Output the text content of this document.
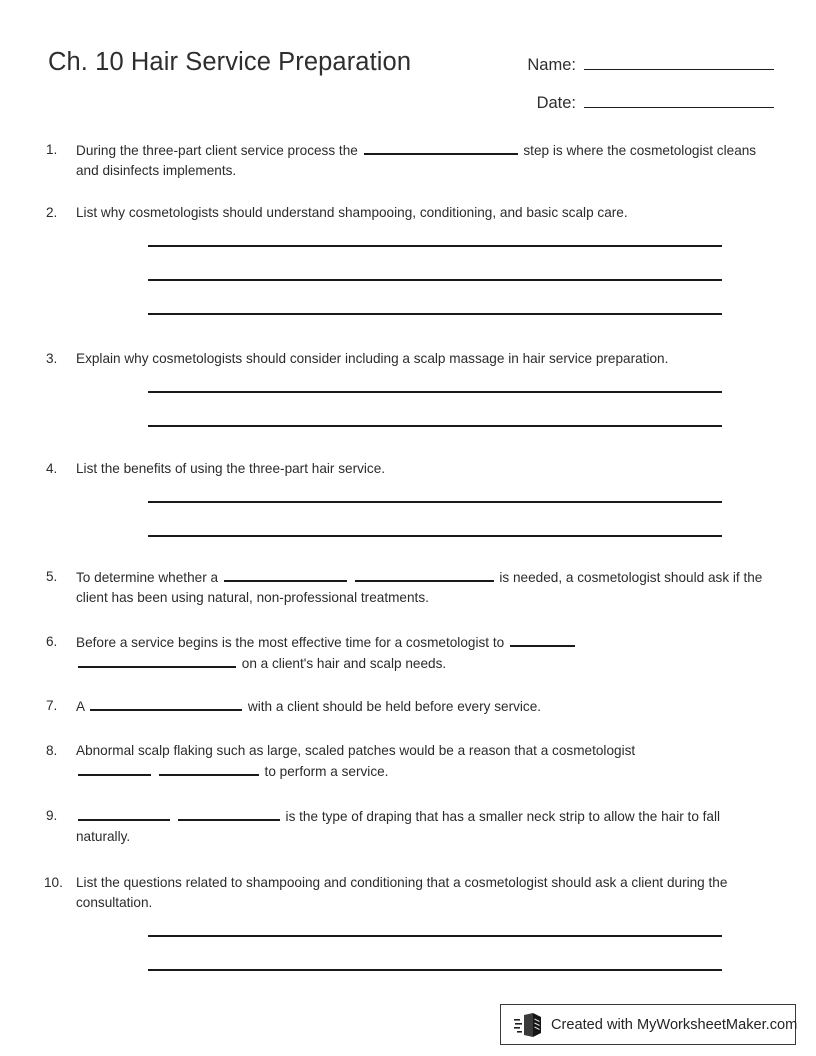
Ch. 10 Hair Service Preparation	Name:
Date:
1.	During the three-part client service process the	step is where the cosmetologist cleans and disinfects implements.
2.	List why cosmetologists should understand shampooing, conditioning, and basic scalp care.
3.	Explain why cosmetologists should consider including a scalp massage in hair service preparation.
4.	List the benefits of using the three-part hair service.
5.	To determine whether a	is needed, a cosmetologist should ask if the client has been using natural, non-professional treatments.
6.	Before a service begins is the most effective time for a cosmetologist to
on a client's hair and scalp needs.
7.	A	with a client should be held before every service.
8.	Abnormal scalp flaking such as large, scaled patches would be a reason that a cosmetologist
to perform a service.
9.	is the type of draping that has a smaller neck strip to allow the hair to fall naturally.
10. List the questions related to shampooing and conditioning that a cosmetologist should ask a client during the consultation.
Created with MyWorksheetMaker.com
